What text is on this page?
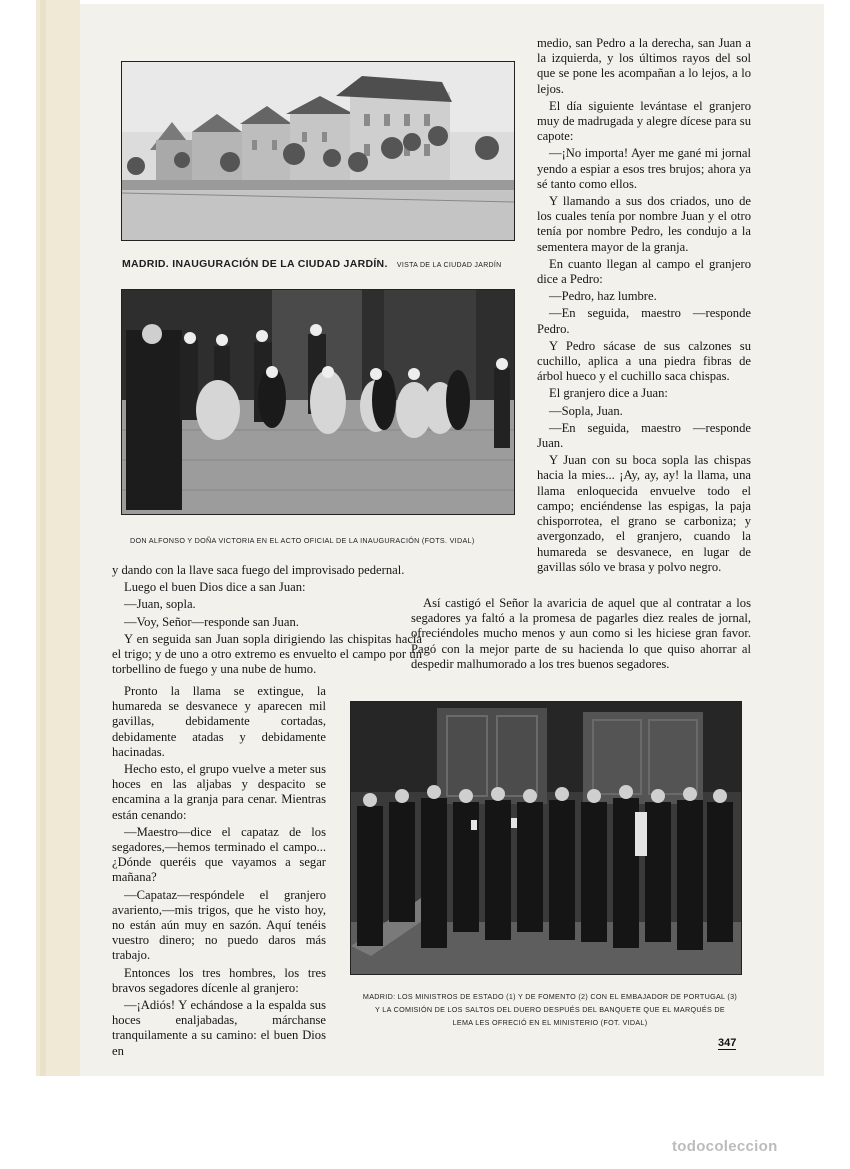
MADRID. INAUGURACIÓN DE LA CIUDAD JARDÍN. VISTA DE LA CIUDAD JARDÍN
DON ALFONSO Y DOÑA VICTORIA EN EL ACTO OFICIAL DE LA INAUGURACIÓN (FOTS. VIDAL)

medio, san Pedro a la derecha, san Juan a la izquierda, y los últimos rayos del sol que se pone les acompañan a lo lejos, a lo lejos.

El día siguiente levántase el granjero muy de madrugada y alegre dícese para su capote:

—¡No importa! Ayer me gané mi jornal yendo a espiar a esos tres brujos; ahora ya sé tanto como ellos.

Y llamando a sus dos criados, uno de los cuales tenía por nombre Juan y el otro tenía por nombre Pedro, les condujo a la sementera mayor de la granja.

En cuanto llegan al campo el granjero dice a Pedro:

—Pedro, haz lumbre.

—En seguida, maestro —responde Pedro.

Y Pedro sácase de sus calzones su cuchillo, aplica a una piedra fibras de árbol hueco y el cuchillo saca chispas.

El granjero dice a Juan:

—Sopla, Juan.

—En seguida, maestro —responde Juan.

Y Juan con su boca sopla las chispas hacia la mies... ¡Ay, ay, ay! la llama, una llama enloquecida envuelve todo el campo; enciéndense las espigas, la paja chisporrotea, el grano se carboniza; y avergonzado, el granjero, cuando la humareda se desvanece, en lugar de gavillas sólo ve brasa y polvo negro.

Así castigó el Señor la avaricia de aquel que al contratar a los segadores ya faltó a la promesa de pagarles diez reales de jornal, ofreciéndoles mucho menos y aun como si les hiciese gran favor. Pagó con la mejor parte de su hacienda lo que quiso ahorrar al despedir malhumorado a los tres buenos segadores.

y dando con la llave saca fuego del improvisado pedernal.

Luego el buen Dios dice a san Juan:

—Juan, sopla.

—Voy, Señor—responde san Juan.

Y en seguida san Juan sopla dirigiendo las chispitas hacia el trigo; y de uno a otro extremo es envuelto el campo por un torbellino de fuego y una nube de humo.

Pronto la llama se extingue, la humareda se desvanece y aparecen mil gavillas, debidamente cortadas, debidamente atadas y debidamente hacinadas.

Hecho esto, el grupo vuelve a meter sus hoces en las aljabas y despacito se encamina a la granja para cenar. Mientras están cenando:

—Maestro—dice el capataz de los segadores,—hemos terminado el campo... ¿Dónde queréis que vayamos a segar mañana?

—Capataz—respóndele el granjero avariento,—mis trigos, que he visto hoy, no están aún muy en sazón. Aquí tenéis vuestro dinero; no puedo daros más trabajo.

Entonces los tres hombres, los tres bravos segadores dícenle al granjero:

—¡Adiós! Y echándose a la espalda sus hoces enaljabadas, márchanse tranquilamente a su camino: el buen Dios en

MADRID: LOS MINISTROS DE ESTADO (1) Y DE FOMENTO (2) CON EL EMBAJADOR DE PORTUGAL (3)
Y LA COMISIÓN DE LOS SALTOS DEL DUERO DESPUÉS DEL BANQUETE QUE EL MARQUÉS DE
LEMA LES OFRECIÓ EN EL MINISTERIO (FOT. VIDAL)
347
todocoleccion
